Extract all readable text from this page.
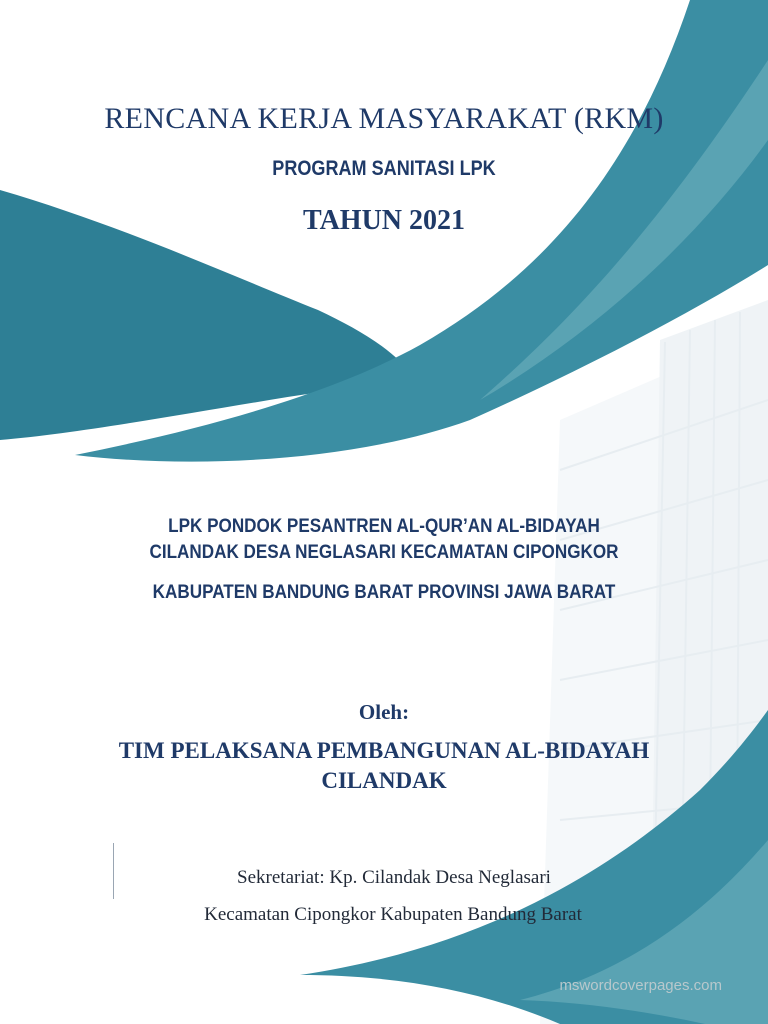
RENCANA KERJA MASYARAKAT (RKM)
PROGRAM SANITASI LPK
TAHUN 2021
LPK PONDOK PESANTREN AL-QUR’AN AL-BIDAYAH
CILANDAK DESA NEGLASARI KECAMATAN CIPONGKOR
KABUPATEN BANDUNG BARAT PROVINSI JAWA BARAT
Oleh:
TIM PELAKSANA PEMBANGUNAN AL-BIDAYAH
CILANDAK
Sekretariat: Kp. Cilandak Desa Neglasari
Kecamatan Cipongkor Kabupaten Bandung Barat
mswordcoverpages.com
